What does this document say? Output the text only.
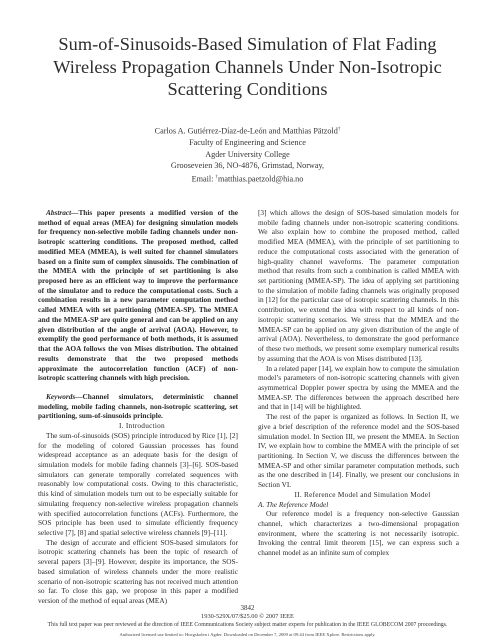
Sum-of-Sinusoids-Based Simulation of Flat Fading Wireless Propagation Channels Under Non-Isotropic Scattering Conditions
Carlos A. Gutiérrez-Díaz-de-León and Matthias Pätzold†
Faculty of Engineering and Science
Agder University College
Grooseveien 36, NO-4876, Grimstad, Norway,
Email: †matthias.paetzold@hia.no

Abstract—This paper presents a modified version of the method of equal areas (MEA) for designing simulation models for frequency non-selective mobile fading channels under non-isotropic scattering conditions. The proposed method, called modified MEA (MMEA), is well suited for channel simulators based on a finite sum of complex sinusoids. The combination of the MMEA with the principle of set partitioning is also proposed here as an efficient way to improve the performance of the simulator and to reduce the computational costs. Such a combination results in a new parameter computation method called MMEA with set partitioning (MMEA-SP). The MMEA and the MMEA-SP are quite general and can be applied on any given distribution of the angle of arrival (AOA). However, to exemplify the good performance of both methods, it is assumed that the AOA follows the von Mises distribution. The obtained results demonstrate that the two proposed methods approximate the autocorrelation function (ACF) of non-isotropic scattering channels with high precision.

Keywords—Channel simulators, deterministic channel modeling, mobile fading channels, non-isotropic scattering, set partitioning, sum-of-sinusoids principle.

I. Introduction

The sum-of-sinusoids (SOS) principle introduced by Rice [1], [2] for the modeling of colored Gaussian processes has found widespread acceptance as an adequate basis for the design of simulation models for mobile fading channels [3]–[6]. SOS-based simulators can generate temporally correlated sequences with reasonably low computational costs. Owing to this characteristic, this kind of simulation models turn out to be especially suitable for simulating frequency non-selective wireless propagation channels with specified autocorrelation functions (ACFs). Furthermore, the SOS principle has been used to simulate efficiently frequency selective [7], [8] and spatial selective wireless channels [9]–[11].

The design of accurate and efficient SOS-based simulators for isotropic scattering channels has been the topic of research of several papers [3]–[9]. However, despite its importance, the SOS-based simulation of wireless channels under the more realistic scenario of non-isotropic scattering has not received much attention so far. To close this gap, we propose in this paper a modified version of the method of equal areas (MEA)

[3] which allows the design of SOS-based simulation models for mobile fading channels under non-isotropic scattering conditions. We also explain how to combine the proposed method, called modified MEA (MMEA), with the principle of set partitioning to reduce the computational costs associated with the generation of high-quality channel waveforms. The parameter computation method that results from such a combination is called MMEA with set partitioning (MMEA-SP). The idea of applying set partitioning to the simulation of mobile fading channels was originally proposed in [12] for the particular case of isotropic scattering channels. In this contribution, we extend the idea with respect to all kinds of non-isotropic scattering scenarios. We stress that the MMEA and the MMEA-SP can be applied on any given distribution of the angle of arrival (AOA). Nevertheless, to demonstrate the good performance of these two methods, we present some exemplary numerical results by assuming that the AOA is von Mises distributed [13].

In a related paper [14], we explain how to compute the simulation model’s parameters of non-isotropic scattering channels with given asymmetrical Doppler power spectra by using the MMEA and the MMEA-SP. The differences between the approach described here and that in [14] will be highlighted.

The rest of the paper is organized as follows. In Section II, we give a brief description of the reference model and the SOS-based simulation model. In Section III, we present the MMEA. In Section IV, we explain how to combine the MMEA with the principle of set partitioning. In Section V, we discuss the differences between the MMEA-SP and other similar parameter computation methods, such as the one described in [14]. Finally, we present our conclusions in Section VI.

II. Reference Model and Simulation Model

A. The Reference Model

Our reference model is a frequency non-selective Gaussian channel, which characterizes a two-dimensional propagation environment, where the scattering is not necessarily isotropic. Invoking the central limit theorem [15], we can express such a channel model as an infinite sum of complex

3842
1930-529X/07/$25.00 © 2007 IEEE
This full text paper was peer reviewed at the direction of IEEE Communications Society subject matter experts for publication in the IEEE GLOBECOM 2007 proceedings.
Authorized licensed use limited to: Hoegskolen i Agder. Downloaded on December 7, 2009 at 09:44 from IEEE Xplore. Restrictions apply.
